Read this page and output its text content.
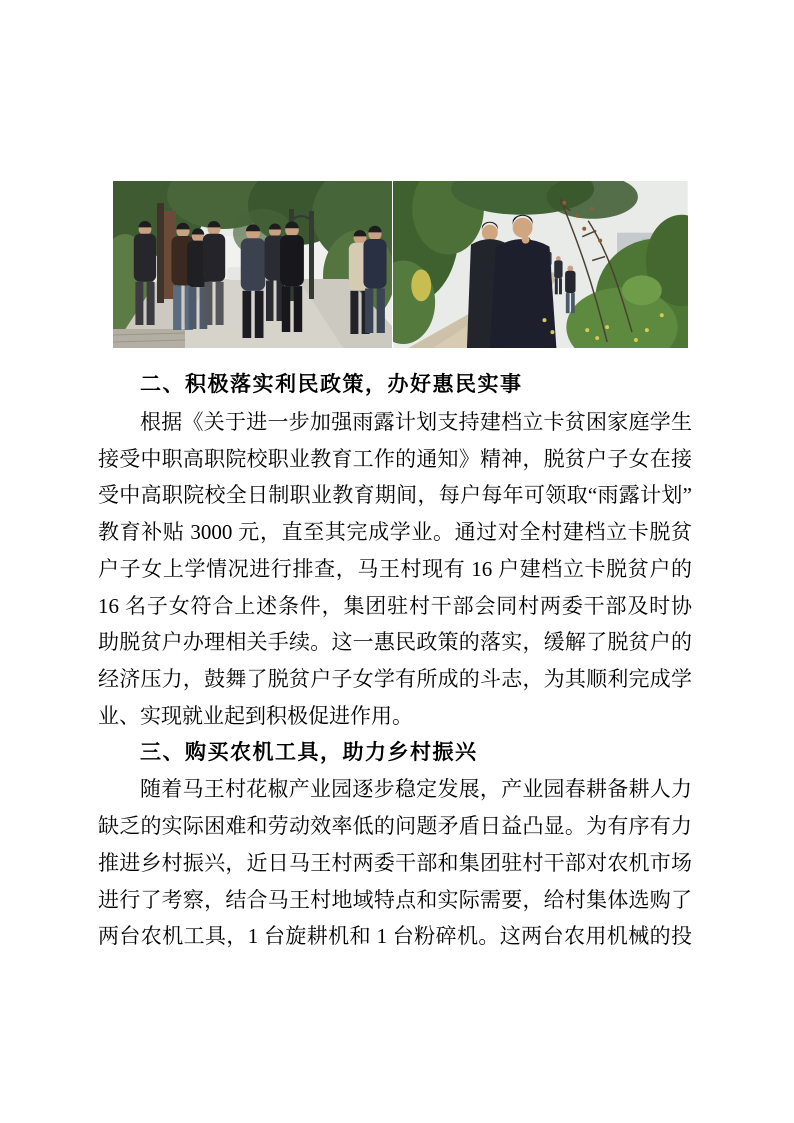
二、积极落实利民政策，办好惠民实事
根据《关于进一步加强雨露计划支持建档立卡贫困家庭学生
接受中职高职院校职业教育工作的通知》精神，脱贫户子女在接
受中高职院校全日制职业教育期间，每户每年可领取“雨露计划”
教育补贴 3000 元，直至其完成学业。通过对全村建档立卡脱贫
户子女上学情况进行排查，马王村现有 16 户建档立卡脱贫户的
16 名子女符合上述条件，集团驻村干部会同村两委干部及时协
助脱贫户办理相关手续。这一惠民政策的落实，缓解了脱贫户的
经济压力，鼓舞了脱贫户子女学有所成的斗志，为其顺利完成学
业、实现就业起到积极促进作用。
三、购买农机工具，助力乡村振兴
随着马王村花椒产业园逐步稳定发展，产业园春耕备耕人力
缺乏的实际困难和劳动效率低的问题矛盾日益凸显。为有序有力
推进乡村振兴，近日马王村两委干部和集团驻村干部对农机市场
进行了考察，结合马王村地域特点和实际需要，给村集体选购了
两台农机工具，1 台旋耕机和 1 台粉碎机。这两台农用机械的投
